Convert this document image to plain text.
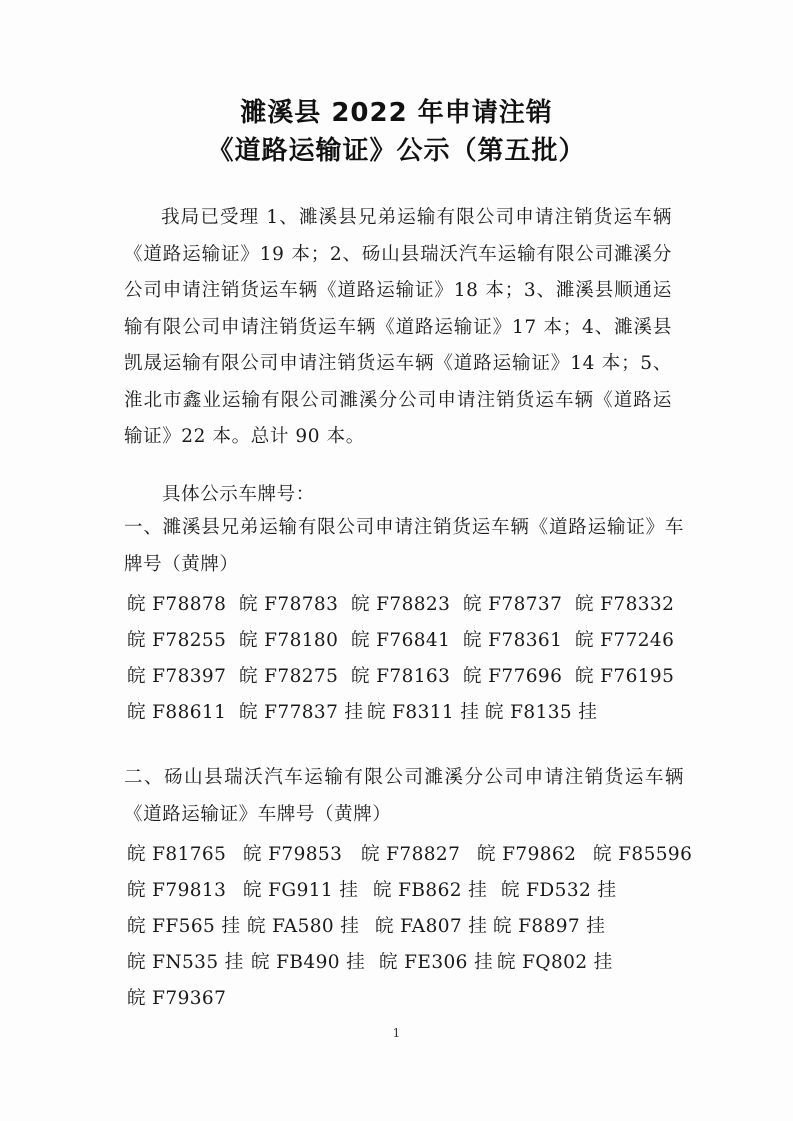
濉溪县 2022 年申请注销
《道路运输证》公示（第五批）
我局已受理 1、濉溪县兄弟运输有限公司申请注销货运车辆《道路运输证》19 本；2、砀山县瑞沃汽车运输有限公司濉溪分公司申请注销货运车辆《道路运输证》18 本；3、濉溪县顺通运输有限公司申请注销货运车辆《道路运输证》17 本；4、濉溪县凯晟运输有限公司申请注销货运车辆《道路运输证》14 本；5、淮北市鑫业运输有限公司濉溪分公司申请注销货运车辆《道路运输证》22 本。总计 90 本。
具体公示车牌号：
一、濉溪县兄弟运输有限公司申请注销货运车辆《道路运输证》车牌号（黄牌）
皖 F78878 皖 F78783 皖 F78823 皖 F78737 皖 F78332
皖 F78255 皖 F78180 皖 F76841 皖 F78361 皖 F77246
皖 F78397 皖 F78275 皖 F78163 皖 F77696 皖 F76195
皖 F88611 皖 F77837 挂 皖 F8311 挂 皖 F8135 挂
二、砀山县瑞沃汽车运输有限公司濉溪分公司申请注销货运车辆《道路运输证》车牌号（黄牌）
皖 F81765 皖 F79853 皖 F78827 皖 F79862 皖 F85596
皖 F79813 皖 FG911 挂 皖 FB862 挂 皖 FD532 挂
皖 FF565 挂 皖 FA580 挂 皖 FA807 挂 皖 F8897 挂
皖 FN535 挂 皖 FB490 挂 皖 FE306 挂 皖 FQ802 挂
皖 F79367
1
